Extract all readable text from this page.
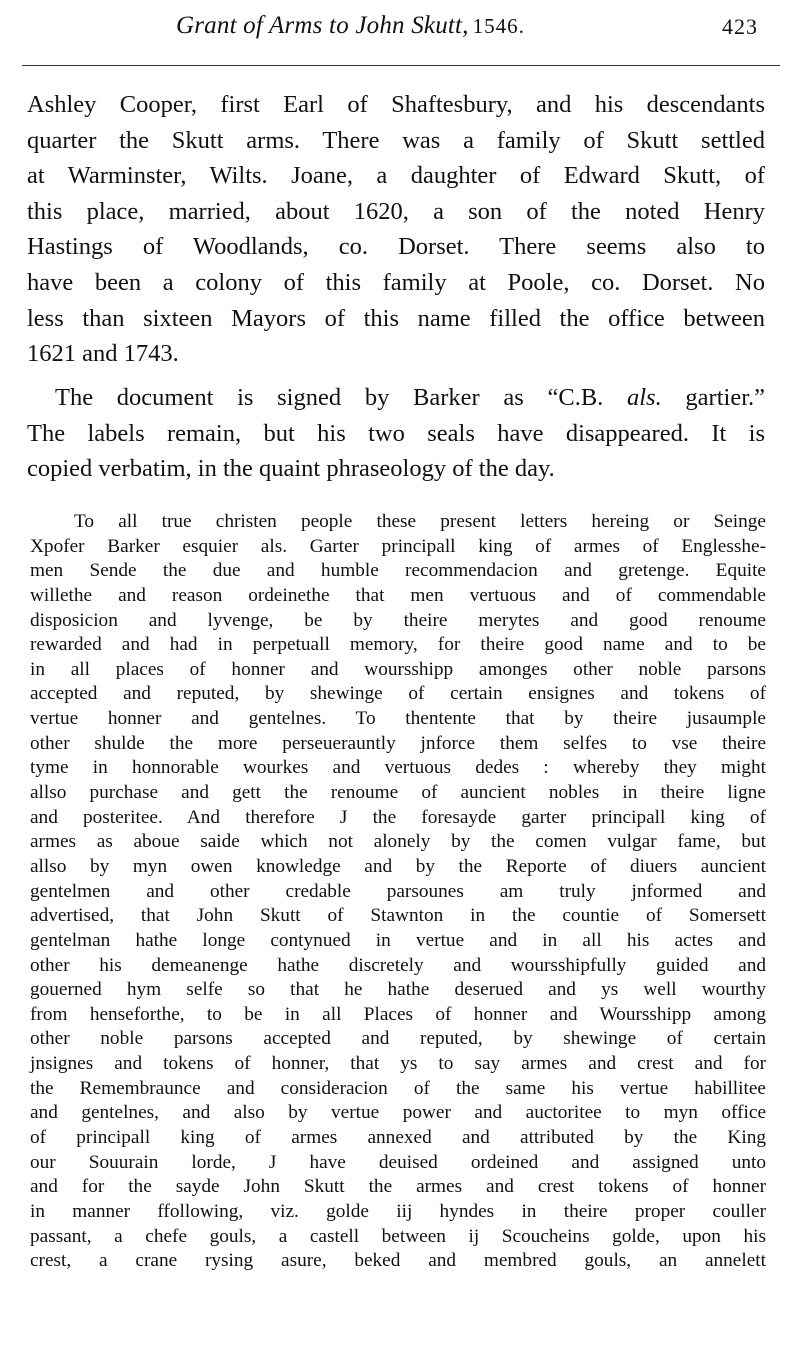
Grant of Arms to John Skutt, 1546.	423
Ashley Cooper, first Earl of Shaftesbury, and his descendants
quarter the Skutt arms. There was a family of Skutt settled
at Warminster, Wilts. Joane, a daughter of Edward Skutt, of
this place, married, about 1620, a son of the noted Henry
Hastings of Woodlands, co. Dorset. There seems also to
have been a colony of this family at Poole, co. Dorset. No
less than sixteen Mayors of this name filled the office between
1621 and 1743.
The document is signed by Barker as “C.B. als. gartier.”
The labels remain, but his two seals have disappeared. It is
copied verbatim, in the quaint phraseology of the day.
To all true christen people these present letters hereing or Seinge
Xpofer Barker esquier als. Garter principall king of armes of Englesshe-
men Sende the due and humble recommendacion and gretenge. Equite
willethe and reason ordeinethe that men vertuous and of commendable
disposicion and lyvenge, be by theire merytes and good renoume
rewarded and had in perpetuall memory, for theire good name and to be
in all places of honner and woursshipp amonges other noble parsons
accepted and reputed, by shewinge of certain ensignes and tokens of
vertue honner and gentelnes. To thentente that by theire jusaumple
other shulde the more perseuerauntly jnforce them selfes to vse theire
tyme in honnorable wourkes and vertuous dedes : whereby they might
allso purchase and gett the renoume of auncient nobles in theire ligne
and posteritee. And therefore J the foresayde garter principall king of
armes as aboue saide which not alonely by the comen vulgar fame, but
allso by myn owen knowledge and by the Reporte of diuers auncient
gentelmen and other credable parsounes am truly jnformed and
advertised, that John Skutt of Stawnton in the countie of Somersett
gentelman hathe longe contynued in vertue and in all his actes and
other his demeanenge hathe discretely and woursshipfully guided and
gouerned hym selfe so that he hathe deserued and ys well wourthy
from henseforthe, to be in all Places of honner and Woursshipp among
other noble parsons accepted and reputed, by shewinge of certain
jnsignes and tokens of honner, that ys to say armes and crest and for
the Remembraunce and consideracion of the same his vertue habillitee
and gentelnes, and also by vertue power and auctoritee to myn office
of principall king of armes annexed and attributed by the King
our Souurain lorde, J have deuised ordeined and assigned unto
and for the sayde John Skutt the armes and crest tokens of honner
in manner ffollowing, viz. golde iij hyndes in theire proper couller
passant, a chefe gouls, a castell between ij Scoucheins golde, upon his
crest, a crane rysing asure, beked and membred gouls, an annelett
